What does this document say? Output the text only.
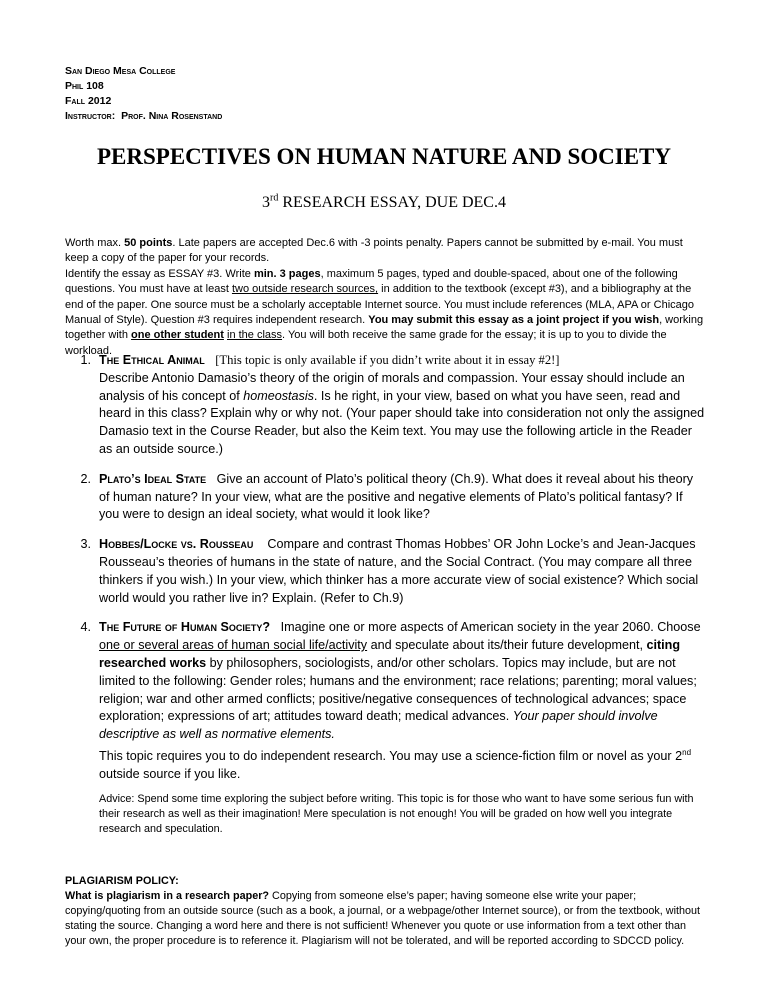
San Diego Mesa College
Phil 108
Fall 2012
Instructor: Prof. Nina Rosenstand
PERSPECTIVES ON HUMAN NATURE AND SOCIETY
3rd RESEARCH ESSAY, DUE DEC.4

Worth max. 50 points. Late papers are accepted Dec.6 with -3 points penalty. Papers cannot be submitted by e-mail. You must keep a copy of the paper for your records.

Identify the essay as ESSAY #3. Write min. 3 pages, maximum 5 pages, typed and double-spaced, about one of the following questions. You must have at least two outside research sources, in addition to the textbook (except #3), and a bibliography at the end of the paper. One source must be a scholarly acceptable Internet source. You must include references (MLA, APA or Chicago Manual of Style). Question #3 requires independent research. You may submit this essay as a joint project if you wish, working together with one other student in the class. You will both receive the same grade for the essay; it is up to you to divide the workload.

1. The Ethical Animal [This topic is only available if you didn’t write about it in essay #2!]
Describe Antonio Damasio’s theory of the origin of morals and compassion. Your essay should include an analysis of his concept of homeostasis. Is he right, in your view, based on what you have seen, read and heard in this class? Explain why or why not. (Your paper should take into consideration not only the assigned Damasio text in the Course Reader, but also the Keim text. You may use the following article in the Reader as an outside source.)
2. Plato’s Ideal State Give an account of Plato’s political theory (Ch.9). What does it reveal about his theory of human nature? In your view, what are the positive and negative elements of Plato’s political fantasy? If you were to design an ideal society, what would it look like?
3. Hobbes/Locke vs. Rousseau Compare and contrast Thomas Hobbes’ OR John Locke’s and Jean-Jacques Rousseau’s theories of humans in the state of nature, and the Social Contract. (You may compare all three thinkers if you wish.) In your view, which thinker has a more accurate view of social existence? Which social world would you rather live in? Explain. (Refer to Ch.9)
4. The Future of Human Society? Imagine one or more aspects of American society in the year 2060. Choose one or several areas of human social life/activity and speculate about its/their future development, citing researched works by philosophers, sociologists, and/or other scholars. Topics may include, but are not limited to the following: Gender roles; humans and the environment; race relations; parenting; moral values; religion; war and other armed conflicts; positive/negative consequences of technological advances; space exploration; expressions of art; attitudes toward death; medical advances. Your paper should involve descriptive as well as normative elements.
This topic requires you to do independent research. You may use a science-fiction film or novel as your 2nd outside source if you like.
Advice: Spend some time exploring the subject before writing. This topic is for those who want to have some serious fun with their research as well as their imagination! Mere speculation is not enough! You will be graded on how well you integrate research and speculation.
PLAGIARISM POLICY:
What is plagiarism in a research paper? Copying from someone else’s paper; having someone else write your paper; copying/quoting from an outside source (such as a book, a journal, or a webpage/other Internet source), or from the textbook, without stating the source. Changing a word here and there is not sufficient! Whenever you quote or use information from a text other than your own, the proper procedure is to reference it. Plagiarism will not be tolerated, and will be reported according to SDCCD policy.
